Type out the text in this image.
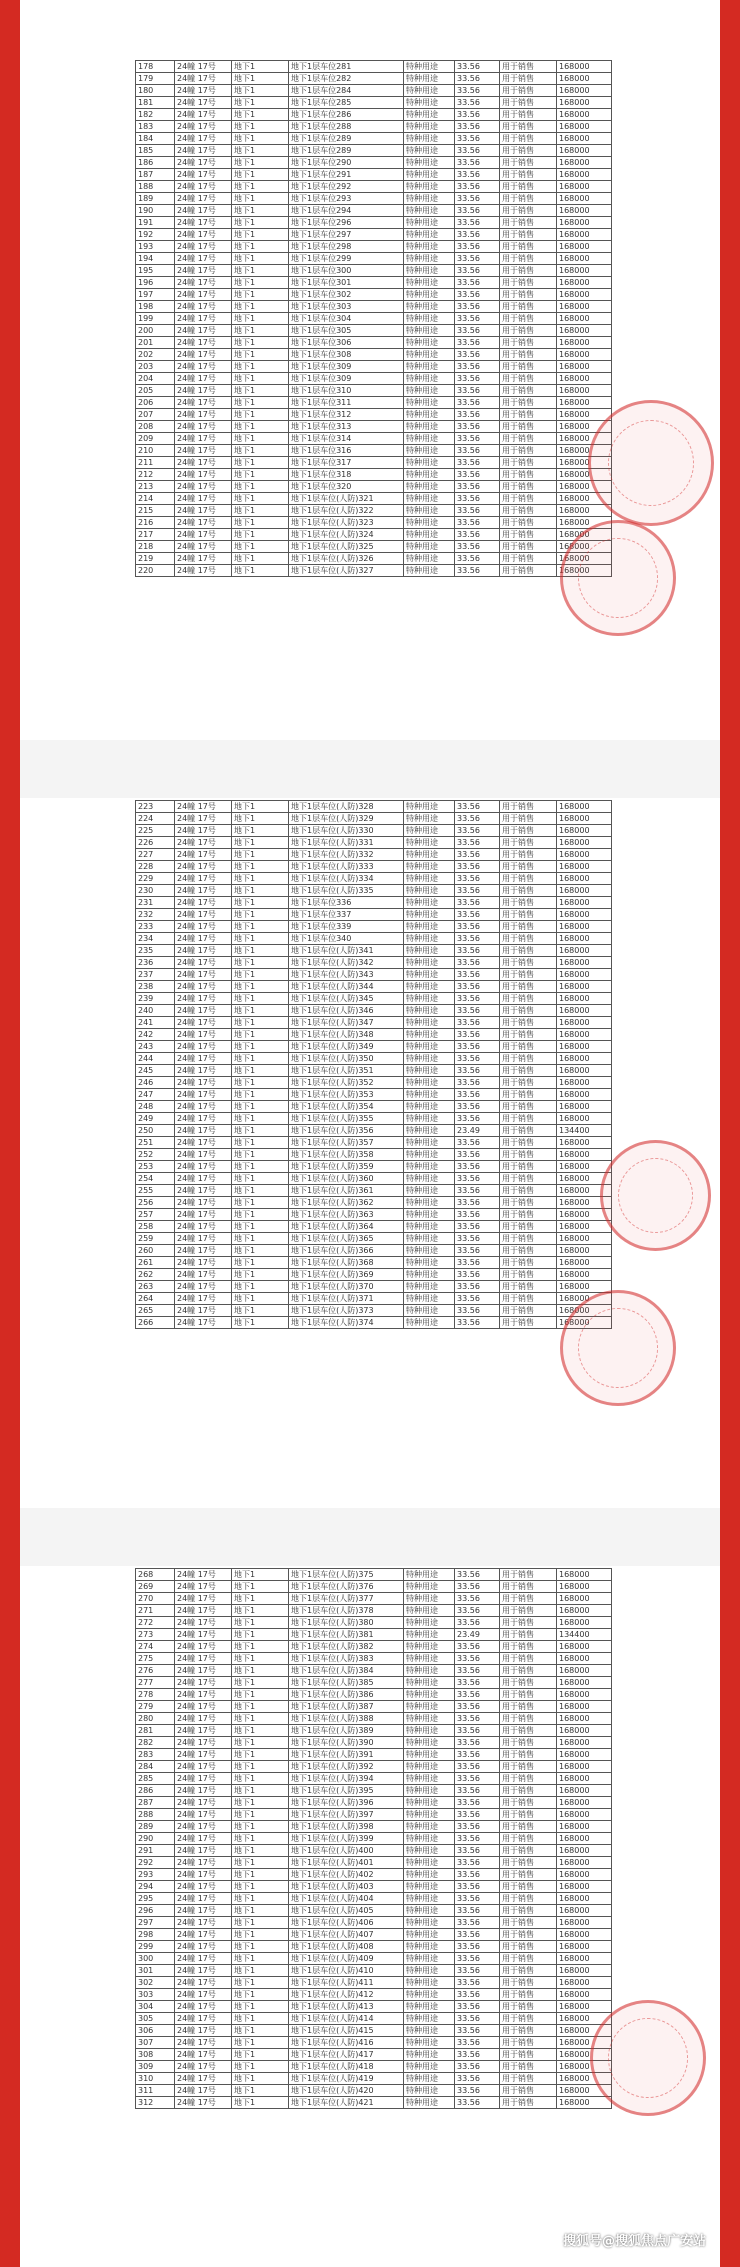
178	24幢 17号	地下1	地下1层车位281	特种用途	33.56	用于销售	168000
179	24幢 17号	地下1	地下1层车位282	特种用途	33.56	用于销售	168000
180	24幢 17号	地下1	地下1层车位284	特种用途	33.56	用于销售	168000
181	24幢 17号	地下1	地下1层车位285	特种用途	33.56	用于销售	168000
182	24幢 17号	地下1	地下1层车位286	特种用途	33.56	用于销售	168000
183	24幢 17号	地下1	地下1层车位288	特种用途	33.56	用于销售	168000
184	24幢 17号	地下1	地下1层车位289	特种用途	33.56	用于销售	168000
185	24幢 17号	地下1	地下1层车位289	特种用途	33.56	用于销售	168000
186	24幢 17号	地下1	地下1层车位290	特种用途	33.56	用于销售	168000
187	24幢 17号	地下1	地下1层车位291	特种用途	33.56	用于销售	168000
188	24幢 17号	地下1	地下1层车位292	特种用途	33.56	用于销售	168000
189	24幢 17号	地下1	地下1层车位293	特种用途	33.56	用于销售	168000
190	24幢 17号	地下1	地下1层车位294	特种用途	33.56	用于销售	168000
191	24幢 17号	地下1	地下1层车位296	特种用途	33.56	用于销售	168000
192	24幢 17号	地下1	地下1层车位297	特种用途	33.56	用于销售	168000
193	24幢 17号	地下1	地下1层车位298	特种用途	33.56	用于销售	168000
194	24幢 17号	地下1	地下1层车位299	特种用途	33.56	用于销售	168000
195	24幢 17号	地下1	地下1层车位300	特种用途	33.56	用于销售	168000
196	24幢 17号	地下1	地下1层车位301	特种用途	33.56	用于销售	168000
197	24幢 17号	地下1	地下1层车位302	特种用途	33.56	用于销售	168000
198	24幢 17号	地下1	地下1层车位303	特种用途	33.56	用于销售	168000
199	24幢 17号	地下1	地下1层车位304	特种用途	33.56	用于销售	168000
200	24幢 17号	地下1	地下1层车位305	特种用途	33.56	用于销售	168000
201	24幢 17号	地下1	地下1层车位306	特种用途	33.56	用于销售	168000
202	24幢 17号	地下1	地下1层车位308	特种用途	33.56	用于销售	168000
203	24幢 17号	地下1	地下1层车位309	特种用途	33.56	用于销售	168000
204	24幢 17号	地下1	地下1层车位309	特种用途	33.56	用于销售	168000
205	24幢 17号	地下1	地下1层车位310	特种用途	33.56	用于销售	168000
206	24幢 17号	地下1	地下1层车位311	特种用途	33.56	用于销售	168000
207	24幢 17号	地下1	地下1层车位312	特种用途	33.56	用于销售	168000
208	24幢 17号	地下1	地下1层车位313	特种用途	33.56	用于销售	168000
209	24幢 17号	地下1	地下1层车位314	特种用途	33.56	用于销售	168000
210	24幢 17号	地下1	地下1层车位316	特种用途	33.56	用于销售	168000
211	24幢 17号	地下1	地下1层车位317	特种用途	33.56	用于销售	168000
212	24幢 17号	地下1	地下1层车位318	特种用途	33.56	用于销售	168000
213	24幢 17号	地下1	地下1层车位320	特种用途	33.56	用于销售	168000
214	24幢 17号	地下1	地下1层车位(人防)321	特种用途	33.56	用于销售	168000
215	24幢 17号	地下1	地下1层车位(人防)322	特种用途	33.56	用于销售	168000
216	24幢 17号	地下1	地下1层车位(人防)323	特种用途	33.56	用于销售	168000
217	24幢 17号	地下1	地下1层车位(人防)324	特种用途	33.56	用于销售	168000
218	24幢 17号	地下1	地下1层车位(人防)325	特种用途	33.56	用于销售	168000
219	24幢 17号	地下1	地下1层车位(人防)326	特种用途	33.56	用于销售	168000
220	24幢 17号	地下1	地下1层车位(人防)327	特种用途	33.56	用于销售	168000
223	24幢 17号	地下1	地下1层车位(人防)328	特种用途	33.56	用于销售	168000
224	24幢 17号	地下1	地下1层车位(人防)329	特种用途	33.56	用于销售	168000
225	24幢 17号	地下1	地下1层车位(人防)330	特种用途	33.56	用于销售	168000
226	24幢 17号	地下1	地下1层车位(人防)331	特种用途	33.56	用于销售	168000
227	24幢 17号	地下1	地下1层车位(人防)332	特种用途	33.56	用于销售	168000
228	24幢 17号	地下1	地下1层车位(人防)333	特种用途	33.56	用于销售	168000
229	24幢 17号	地下1	地下1层车位(人防)334	特种用途	33.56	用于销售	168000
230	24幢 17号	地下1	地下1层车位(人防)335	特种用途	33.56	用于销售	168000
231	24幢 17号	地下1	地下1层车位336	特种用途	33.56	用于销售	168000
232	24幢 17号	地下1	地下1层车位337	特种用途	33.56	用于销售	168000
233	24幢 17号	地下1	地下1层车位339	特种用途	33.56	用于销售	168000
234	24幢 17号	地下1	地下1层车位340	特种用途	33.56	用于销售	168000
235	24幢 17号	地下1	地下1层车位(人防)341	特种用途	33.56	用于销售	168000
236	24幢 17号	地下1	地下1层车位(人防)342	特种用途	33.56	用于销售	168000
237	24幢 17号	地下1	地下1层车位(人防)343	特种用途	33.56	用于销售	168000
238	24幢 17号	地下1	地下1层车位(人防)344	特种用途	33.56	用于销售	168000
239	24幢 17号	地下1	地下1层车位(人防)345	特种用途	33.56	用于销售	168000
240	24幢 17号	地下1	地下1层车位(人防)346	特种用途	33.56	用于销售	168000
241	24幢 17号	地下1	地下1层车位(人防)347	特种用途	33.56	用于销售	168000
242	24幢 17号	地下1	地下1层车位(人防)348	特种用途	33.56	用于销售	168000
243	24幢 17号	地下1	地下1层车位(人防)349	特种用途	33.56	用于销售	168000
244	24幢 17号	地下1	地下1层车位(人防)350	特种用途	33.56	用于销售	168000
245	24幢 17号	地下1	地下1层车位(人防)351	特种用途	33.56	用于销售	168000
246	24幢 17号	地下1	地下1层车位(人防)352	特种用途	33.56	用于销售	168000
247	24幢 17号	地下1	地下1层车位(人防)353	特种用途	33.56	用于销售	168000
248	24幢 17号	地下1	地下1层车位(人防)354	特种用途	33.56	用于销售	168000
249	24幢 17号	地下1	地下1层车位(人防)355	特种用途	33.56	用于销售	168000
250	24幢 17号	地下1	地下1层车位(人防)356	特种用途	23.49	用于销售	134400
251	24幢 17号	地下1	地下1层车位(人防)357	特种用途	33.56	用于销售	168000
252	24幢 17号	地下1	地下1层车位(人防)358	特种用途	33.56	用于销售	168000
253	24幢 17号	地下1	地下1层车位(人防)359	特种用途	33.56	用于销售	168000
254	24幢 17号	地下1	地下1层车位(人防)360	特种用途	33.56	用于销售	168000
255	24幢 17号	地下1	地下1层车位(人防)361	特种用途	33.56	用于销售	168000
256	24幢 17号	地下1	地下1层车位(人防)362	特种用途	33.56	用于销售	168000
257	24幢 17号	地下1	地下1层车位(人防)363	特种用途	33.56	用于销售	168000
258	24幢 17号	地下1	地下1层车位(人防)364	特种用途	33.56	用于销售	168000
259	24幢 17号	地下1	地下1层车位(人防)365	特种用途	33.56	用于销售	168000
260	24幢 17号	地下1	地下1层车位(人防)366	特种用途	33.56	用于销售	168000
261	24幢 17号	地下1	地下1层车位(人防)368	特种用途	33.56	用于销售	168000
262	24幢 17号	地下1	地下1层车位(人防)369	特种用途	33.56	用于销售	168000
263	24幢 17号	地下1	地下1层车位(人防)370	特种用途	33.56	用于销售	168000
264	24幢 17号	地下1	地下1层车位(人防)371	特种用途	33.56	用于销售	168000
265	24幢 17号	地下1	地下1层车位(人防)373	特种用途	33.56	用于销售	168000
266	24幢 17号	地下1	地下1层车位(人防)374	特种用途	33.56	用于销售	168000
268	24幢 17号	地下1	地下1层车位(人防)375	特种用途	33.56	用于销售	168000
269	24幢 17号	地下1	地下1层车位(人防)376	特种用途	33.56	用于销售	168000
270	24幢 17号	地下1	地下1层车位(人防)377	特种用途	33.56	用于销售	168000
271	24幢 17号	地下1	地下1层车位(人防)378	特种用途	33.56	用于销售	168000
272	24幢 17号	地下1	地下1层车位(人防)380	特种用途	33.56	用于销售	168000
273	24幢 17号	地下1	地下1层车位(人防)381	特种用途	23.49	用于销售	134400
274	24幢 17号	地下1	地下1层车位(人防)382	特种用途	33.56	用于销售	168000
275	24幢 17号	地下1	地下1层车位(人防)383	特种用途	33.56	用于销售	168000
276	24幢 17号	地下1	地下1层车位(人防)384	特种用途	33.56	用于销售	168000
277	24幢 17号	地下1	地下1层车位(人防)385	特种用途	33.56	用于销售	168000
278	24幢 17号	地下1	地下1层车位(人防)386	特种用途	33.56	用于销售	168000
279	24幢 17号	地下1	地下1层车位(人防)387	特种用途	33.56	用于销售	168000
280	24幢 17号	地下1	地下1层车位(人防)388	特种用途	33.56	用于销售	168000
281	24幢 17号	地下1	地下1层车位(人防)389	特种用途	33.56	用于销售	168000
282	24幢 17号	地下1	地下1层车位(人防)390	特种用途	33.56	用于销售	168000
283	24幢 17号	地下1	地下1层车位(人防)391	特种用途	33.56	用于销售	168000
284	24幢 17号	地下1	地下1层车位(人防)392	特种用途	33.56	用于销售	168000
285	24幢 17号	地下1	地下1层车位(人防)394	特种用途	33.56	用于销售	168000
286	24幢 17号	地下1	地下1层车位(人防)395	特种用途	33.56	用于销售	168000
287	24幢 17号	地下1	地下1层车位(人防)396	特种用途	33.56	用于销售	168000
288	24幢 17号	地下1	地下1层车位(人防)397	特种用途	33.56	用于销售	168000
289	24幢 17号	地下1	地下1层车位(人防)398	特种用途	33.56	用于销售	168000
290	24幢 17号	地下1	地下1层车位(人防)399	特种用途	33.56	用于销售	168000
291	24幢 17号	地下1	地下1层车位(人防)400	特种用途	33.56	用于销售	168000
292	24幢 17号	地下1	地下1层车位(人防)401	特种用途	33.56	用于销售	168000
293	24幢 17号	地下1	地下1层车位(人防)402	特种用途	33.56	用于销售	168000
294	24幢 17号	地下1	地下1层车位(人防)403	特种用途	33.56	用于销售	168000
295	24幢 17号	地下1	地下1层车位(人防)404	特种用途	33.56	用于销售	168000
296	24幢 17号	地下1	地下1层车位(人防)405	特种用途	33.56	用于销售	168000
297	24幢 17号	地下1	地下1层车位(人防)406	特种用途	33.56	用于销售	168000
298	24幢 17号	地下1	地下1层车位(人防)407	特种用途	33.56	用于销售	168000
299	24幢 17号	地下1	地下1层车位(人防)408	特种用途	33.56	用于销售	168000
300	24幢 17号	地下1	地下1层车位(人防)409	特种用途	33.56	用于销售	168000
301	24幢 17号	地下1	地下1层车位(人防)410	特种用途	33.56	用于销售	168000
302	24幢 17号	地下1	地下1层车位(人防)411	特种用途	33.56	用于销售	168000
303	24幢 17号	地下1	地下1层车位(人防)412	特种用途	33.56	用于销售	168000
304	24幢 17号	地下1	地下1层车位(人防)413	特种用途	33.56	用于销售	168000
305	24幢 17号	地下1	地下1层车位(人防)414	特种用途	33.56	用于销售	168000
306	24幢 17号	地下1	地下1层车位(人防)415	特种用途	33.56	用于销售	168000
307	24幢 17号	地下1	地下1层车位(人防)416	特种用途	33.56	用于销售	168000
308	24幢 17号	地下1	地下1层车位(人防)417	特种用途	33.56	用于销售	168000
309	24幢 17号	地下1	地下1层车位(人防)418	特种用途	33.56	用于销售	168000
310	24幢 17号	地下1	地下1层车位(人防)419	特种用途	33.56	用于销售	168000
311	24幢 17号	地下1	地下1层车位(人防)420	特种用途	33.56	用于销售	168000
312	24幢 17号	地下1	地下1层车位(人防)421	特种用途	33.56	用于销售	168000
搜狐号@搜狐焦点广安站
